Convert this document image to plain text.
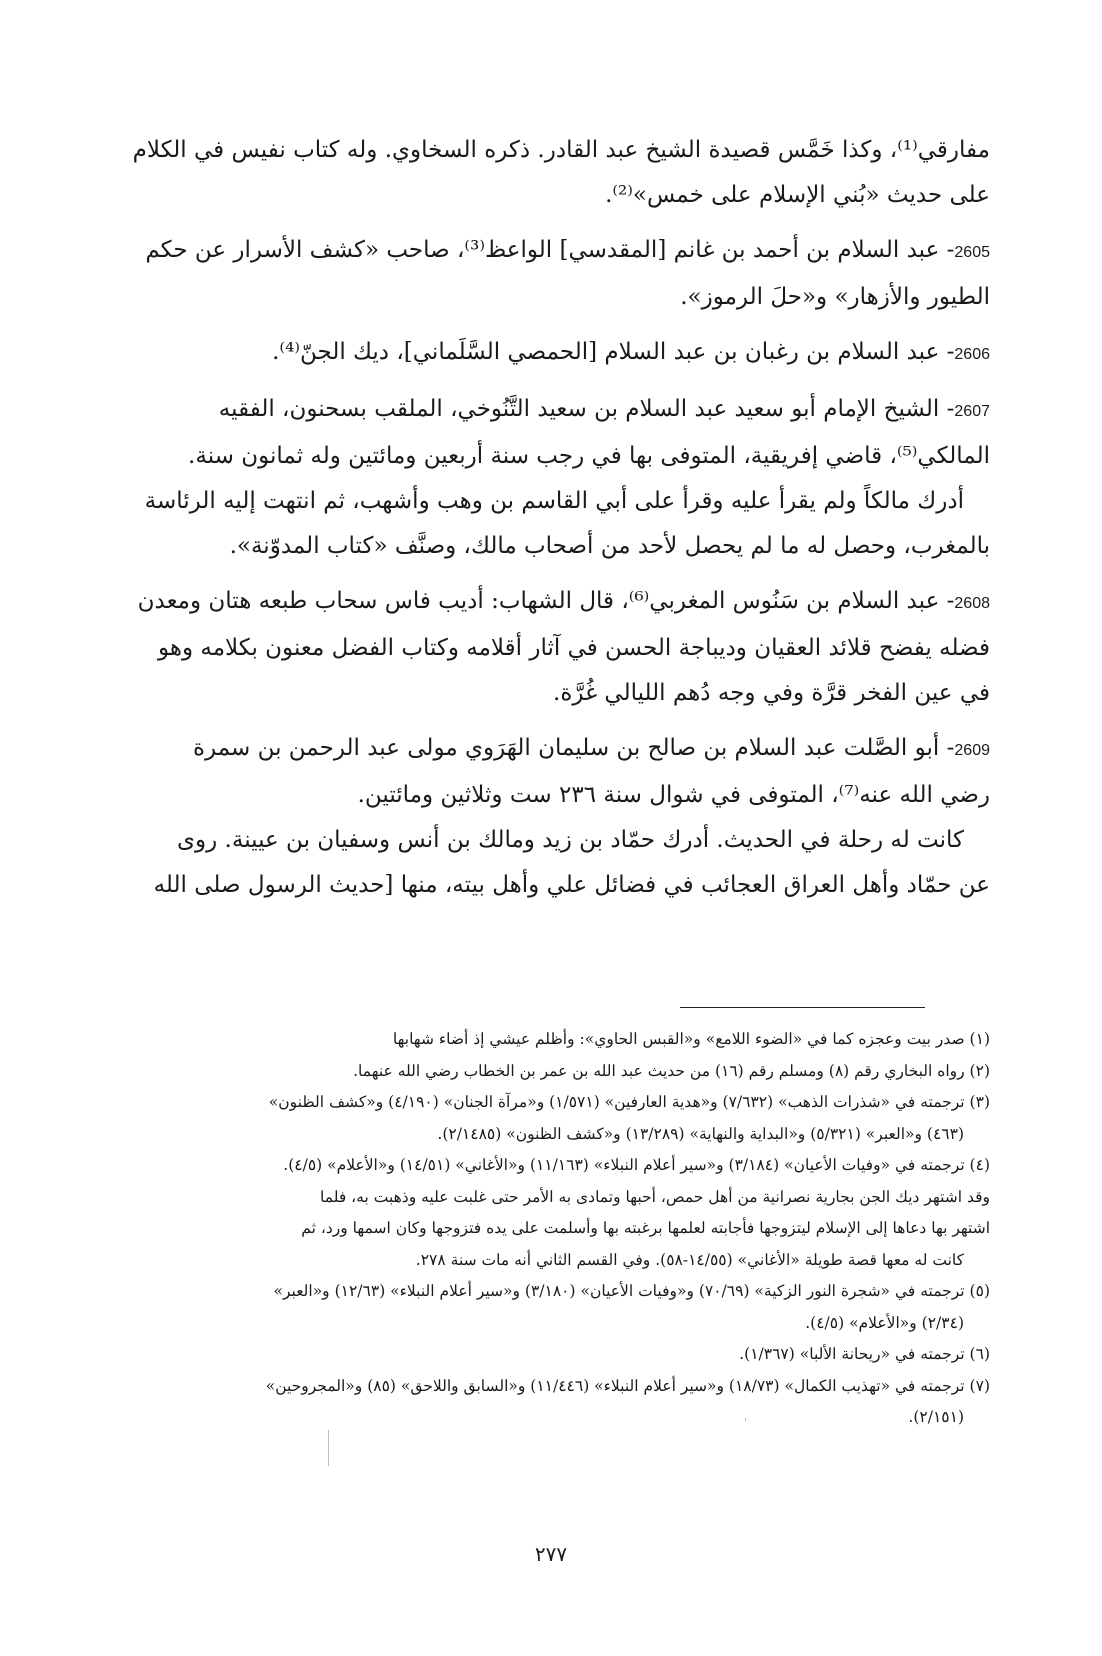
مفارقي⁽¹⁾، وكذا خَمَّس قصيدة الشيخ عبد القادر. ذكره السخاوي. وله كتاب نفيس في الكلام
على حديث «بُني الإسلام على خمس»⁽²⁾.

2605- عبد السلام بن أحمد بن غانم [المقدسي] الواعظ⁽³⁾، صاحب «كشف الأسرار عن حكم
الطيور والأزهار» و«حلَ الرموز».

2606- عبد السلام بن رغبان بن عبد السلام [الحمصي السَّلَماني]، ديك الجنّ⁽⁴⁾.

2607- الشيخ الإمام أبو سعيد عبد السلام بن سعيد التَّنُوخي، الملقب بسحنون، الفقيه
المالكي⁽⁵⁾، قاضي إفريقية، المتوفى بها في رجب سنة أربعين ومائتين وله ثمانون سنة.

أدرك مالكاً ولم يقرأ عليه وقرأ على أبي القاسم بن وهب وأشهب، ثم انتهت إليه الرئاسة
بالمغرب، وحصل له ما لم يحصل لأحد من أصحاب مالك، وصنَّف «كتاب المدوّنة».

2608- عبد السلام بن سَنُوس المغربي⁽⁶⁾، قال الشهاب: أديب فاس سحاب طبعه هتان ومعدن
فضله يفضح قلائد العقيان وديباجة الحسن في آثار أقلامه وكتاب الفضل معنون بكلامه وهو
في عين الفخر قرَّة وفي وجه دُهم الليالي غُرَّة.

2609- أبو الصَّلت عبد السلام بن صالح بن سليمان الهَرَوي مولى عبد الرحمن بن سمرة
رضي الله عنه⁽⁷⁾، المتوفى في شوال سنة ٢٣٦ ست وثلاثين ومائتين.

كانت له رحلة في الحديث. أدرك حمّاد بن زيد ومالك بن أنس وسفيان بن عيينة. روى
عن حمّاد وأهل العراق العجائب في فضائل علي وأهل بيته، منها [حديث الرسول صلى الله

(١) صدر بيت وعجزه كما في «الضوء اللامع» و«القبس الحاوي»: وأظلم عيشي إذ أضاء شهابها

(٢) رواه البخاري رقم (٨) ومسلم رقم (١٦) من حديث عبد الله بن عمر بن الخطاب رضي الله عنهما.

(٣) ترجمته في «شذرات الذهب» (٧/٦٣٢) و«هدية العارفين» (١/٥٧١) و«مرآة الجنان» (٤/١٩٠) و«كشف الظنون»
(٤٦٣) و«العبر» (٥/٣٢١) و«البداية والنهاية» (١٣/٢٨٩) و«كشف الظنون» (٢/١٤٨٥).

(٤) ترجمته في «وفيات الأعيان» (٣/١٨٤) و«سير أعلام النبلاء» (١١/١٦٣) و«الأغاني» (١٤/٥١) و«الأعلام» (٤/٥).
وقد اشتهر ديك الجن بجارية نصرانية من أهل حمص، أحبها وتمادى به الأمر حتى غلبت عليه وذهبت به، فلما
اشتهر بها دعاها إلى الإسلام ليتزوجها فأجابته لعلمها برغبته بها وأسلمت على يده فتزوجها وكان اسمها ورد، ثم
كانت له معها قصة طويلة «الأغاني» (١٤/٥٥-٥٨). وفي القسم الثاني أنه مات سنة ٢٧٨.

(٥) ترجمته في «شجرة النور الزكية» (٧٠/٦٩) و«وفيات الأعيان» (٣/١٨٠) و«سير أعلام النبلاء» (١٢/٦٣) و«العبر»
(٢/٣٤) و«الأعلام» (٤/٥).

(٦) ترجمته في «ريحانة الألبا» (١/٣٦٧).

(٧) ترجمته في «تهذيب الكمال» (١٨/٧٣) و«سير أعلام النبلاء» (١١/٤٤٦) و«السابق واللاحق» (٨٥) و«المجروحين»
(٢/١٥١).

٢٧٧
